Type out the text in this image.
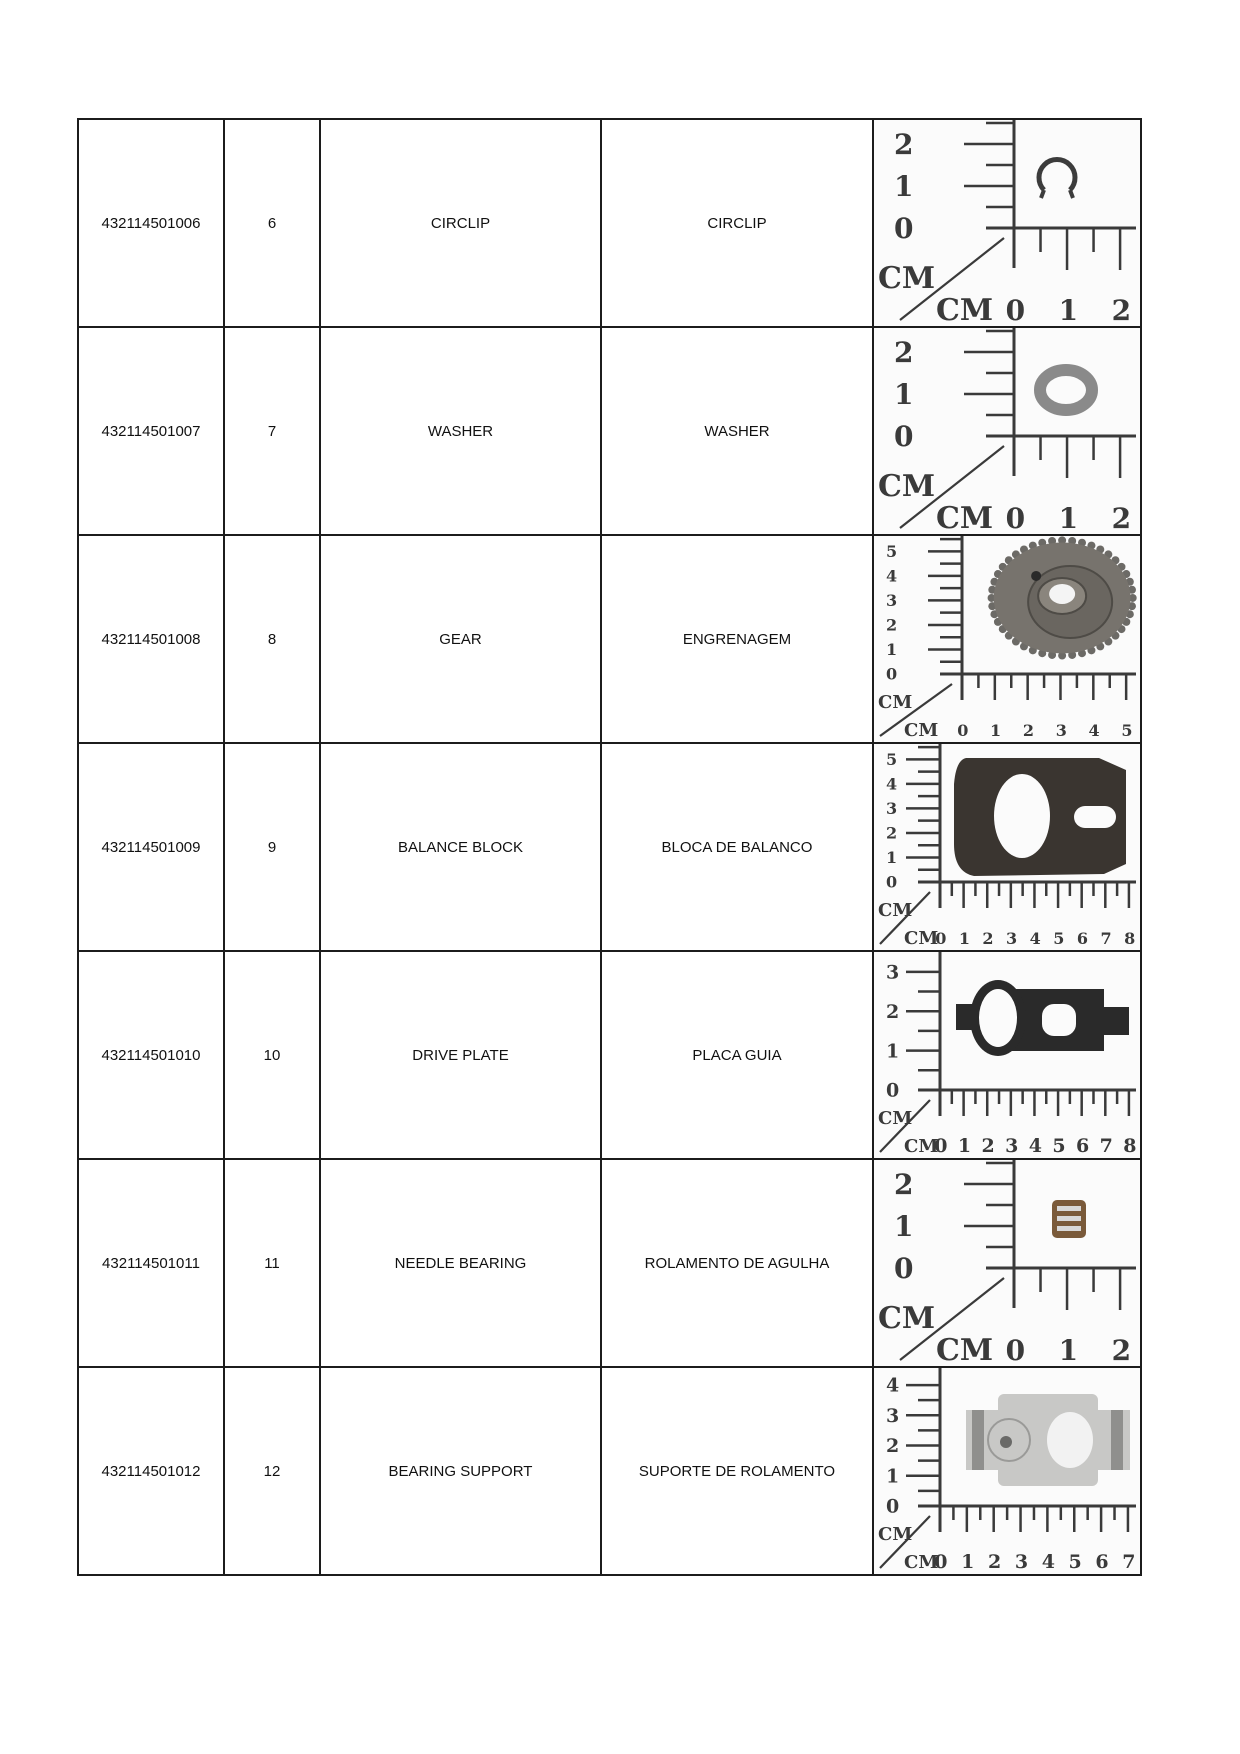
432114501006	6	CIRCLIP	CIRCLIP	
2
1
0
CM
CM 0 1 2

432114501007	7	WASHER	WASHER	
2
1
0
CM
CM 0 1 2

432114501008	8	GEAR	ENGRENAGEM	
5
4
3
2
1
0
CM
CM 0 1 2 3 4 5

432114501009	9	BALANCE BLOCK	BLOCA DE BALANCO	
5
4
3
2
1
0
CM
CM
0 1 2 3 4 5 6 7 8

432114501010	10	DRIVE PLATE	PLACA GUIA	
3
2
1
0
CM
CM
0 1 2 3 4 5 6 7 8

432114501011	11	NEEDLE BEARING	ROLAMENTO DE AGULHA	
2
1
0
CM
CM 0 1 2

432114501012	12	BEARING SUPPORT	SUPORTE DE ROLAMENTO	
4
3
2
1
0
CM
CM
0 1 2 3 4 5 6 7
